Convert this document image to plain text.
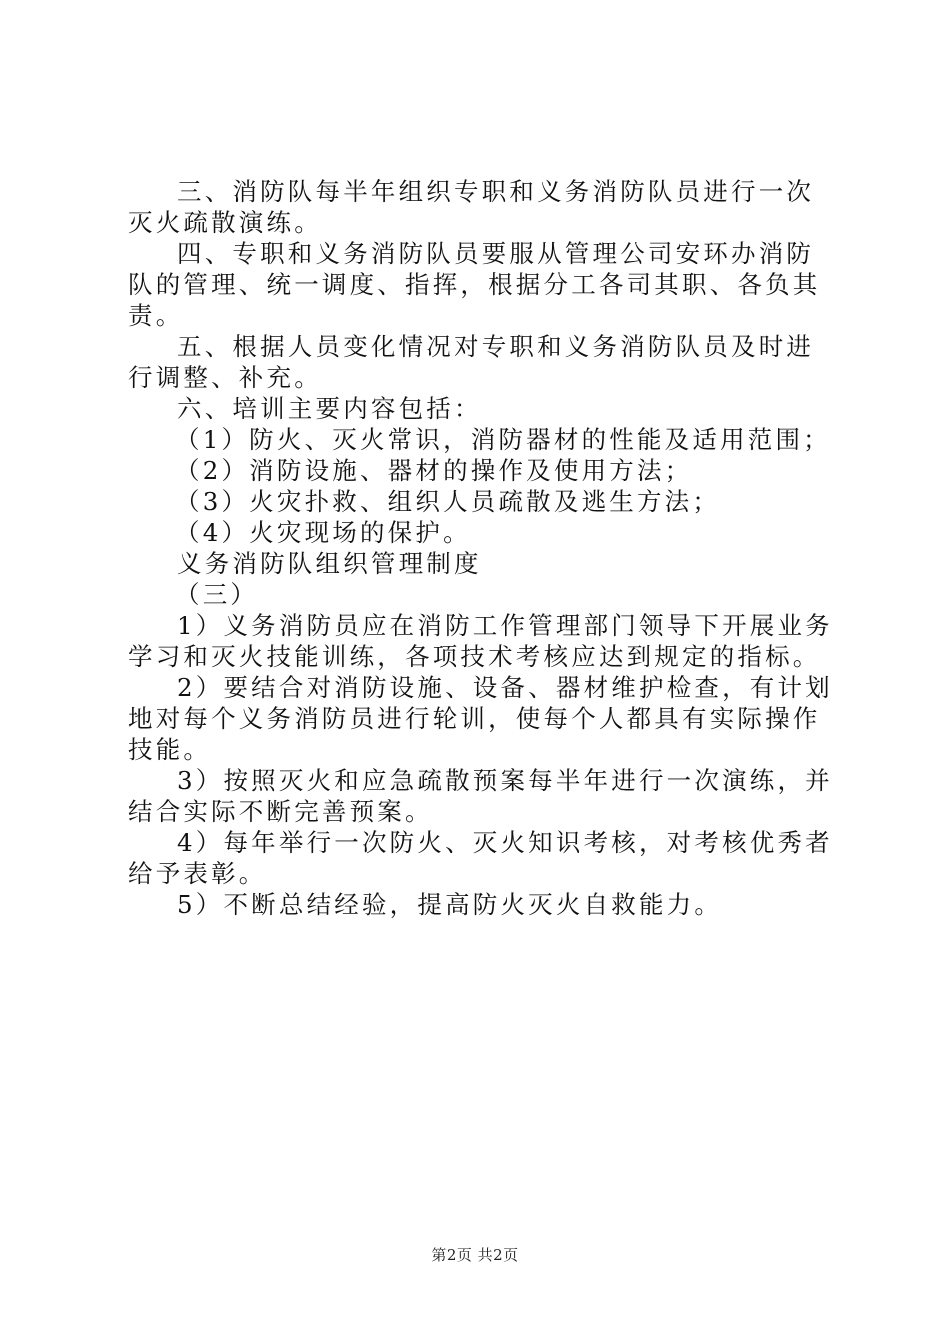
三、消防队每半年组织专职和义务消防队员进行一次灭火疏散演练。

四、专职和义务消防队员要服从管理公司安环办消防队的管理、统一调度、指挥，根据分工各司其职、各负其责。

五、根据人员变化情况对专职和义务消防队员及时进行调整、补充。

六、培训主要内容包括：

（1）防火、灭火常识，消防器材的性能及适用范围；

（2）消防设施、器材的操作及使用方法；

（3）火灾扑救、组织人员疏散及逃生方法；

（4）火灾现场的保护。

义务消防队组织管理制度

（三）

1）义务消防员应在消防工作管理部门领导下开展业务学习和灭火技能训练，各项技术考核应达到规定的指标。

2）要结合对消防设施、设备、器材维护检查，有计划地对每个义务消防员进行轮训，使每个人都具有实际操作技能。

3）按照灭火和应急疏散预案每半年进行一次演练，并结合实际不断完善预案。

4）每年举行一次防火、灭火知识考核，对考核优秀者给予表彰。

5）不断总结经验，提高防火灭火自救能力。

第2页 共2页
